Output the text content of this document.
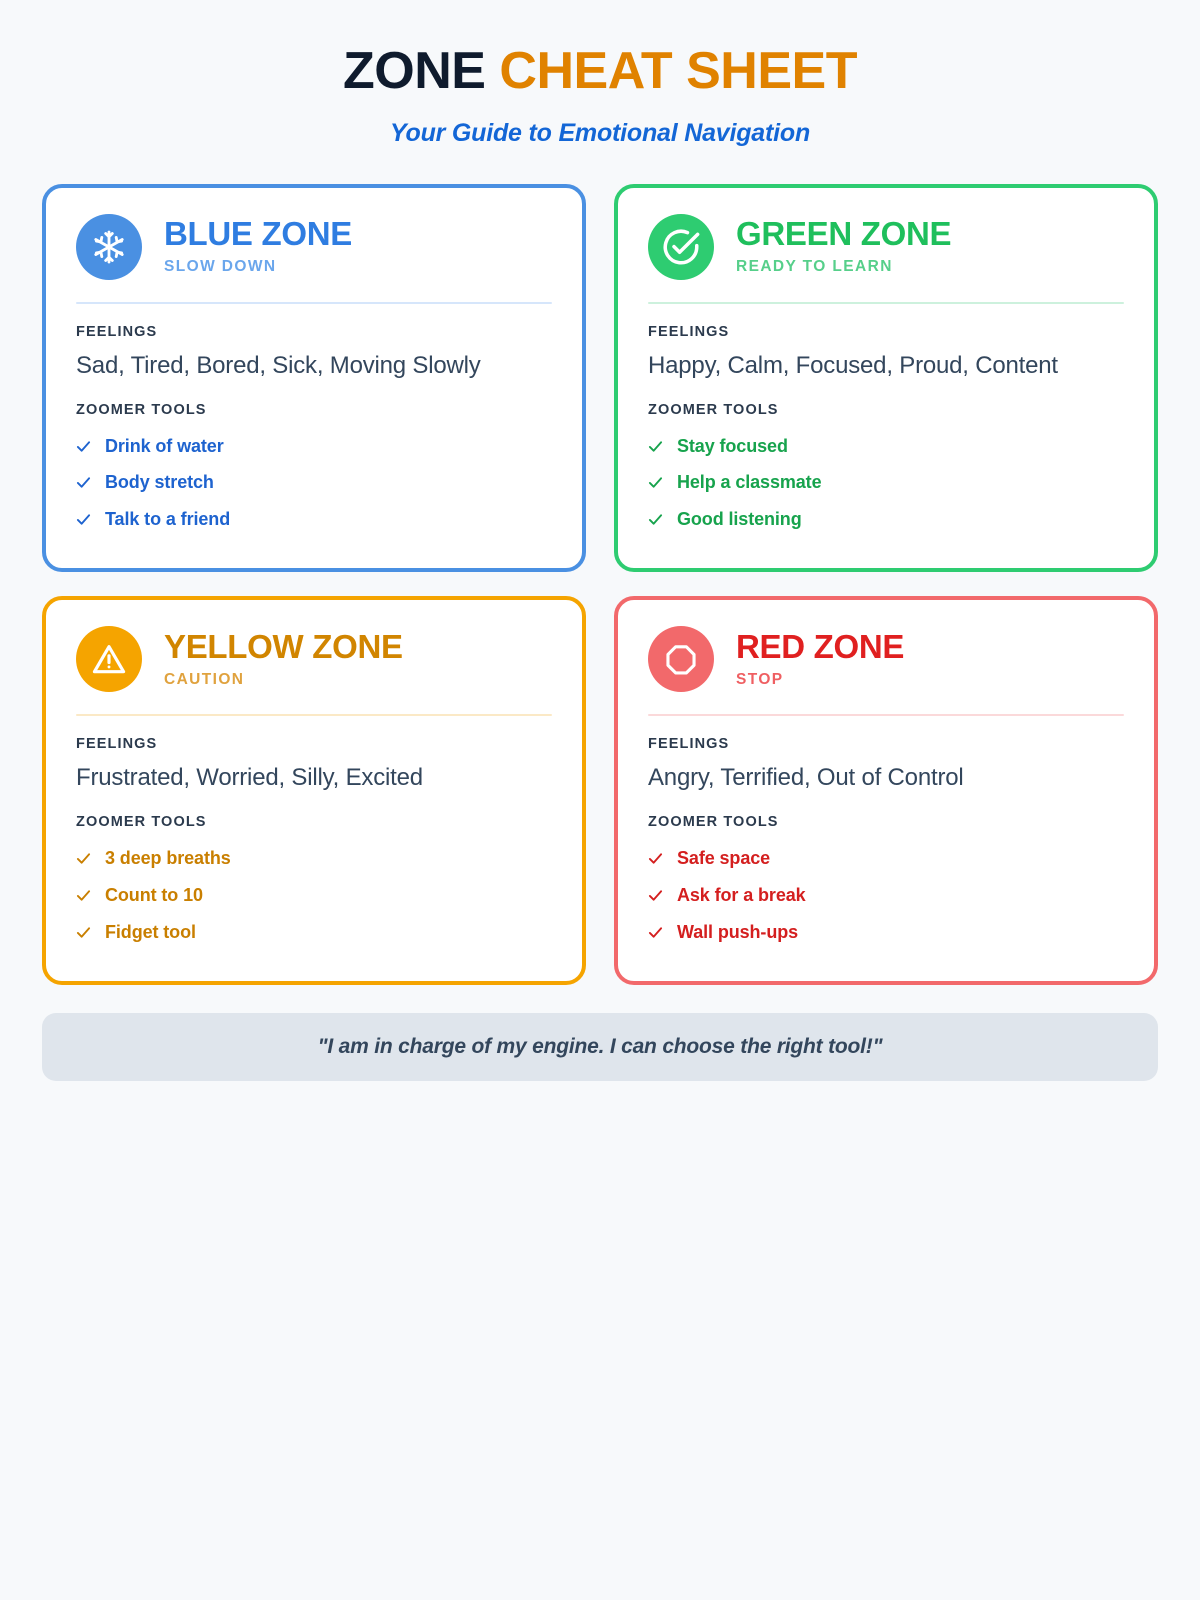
ZONE CHEAT SHEET
Your Guide to Emotional Navigation
BLUE ZONE
SLOW DOWN
FEELINGS
Sad, Tired, Bored, Sick, Moving Slowly
ZOOMER TOOLS
Drink of water
Body stretch
Talk to a friend
GREEN ZONE
READY TO LEARN
FEELINGS
Happy, Calm, Focused, Proud, Content
ZOOMER TOOLS
Stay focused
Help a classmate
Good listening
YELLOW ZONE
CAUTION
FEELINGS
Frustrated, Worried, Silly, Excited
ZOOMER TOOLS
3 deep breaths
Count to 10
Fidget tool
RED ZONE
STOP
FEELINGS
Angry, Terrified, Out of Control
ZOOMER TOOLS
Safe space
Ask for a break
Wall push-ups
"I am in charge of my engine. I can choose the right tool!"
